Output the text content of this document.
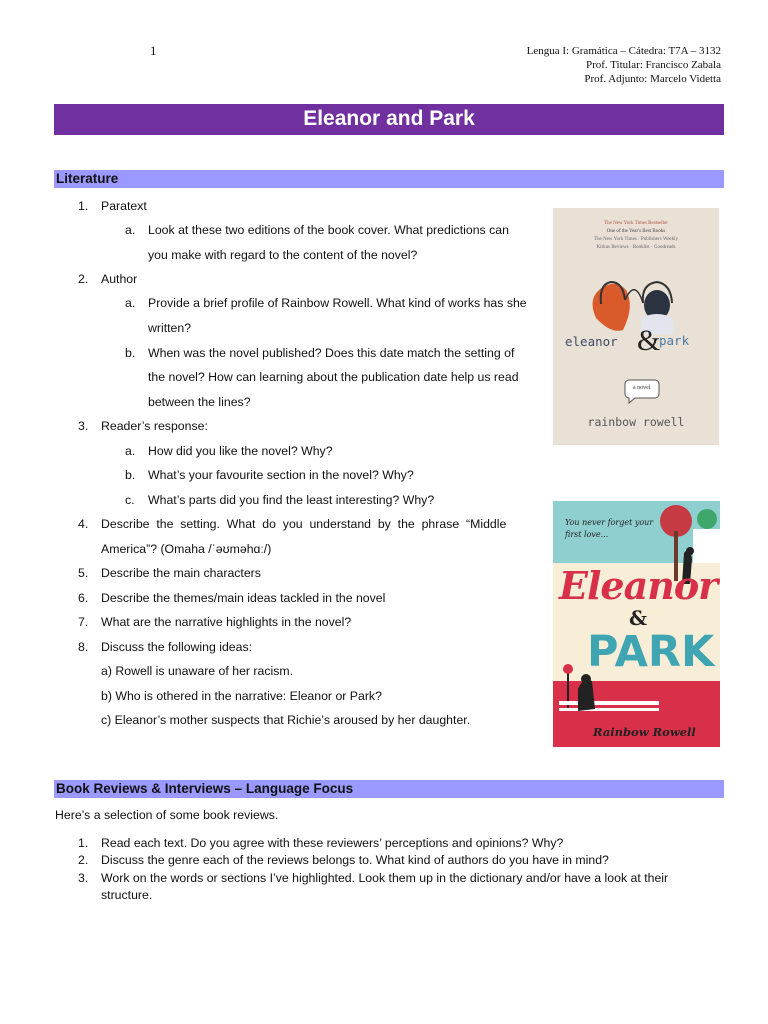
1	Lengua I: Gramática – Cátedra: T7A – 3132
Prof. Titular: Francisco Zabala
Prof. Adjunto: Marcelo Videtta
Eleanor and Park
Literature
1. Paratext
a. Look at these two editions of the book cover. What predictions can
you make with regard to the content of the novel?
2. Author
a. Provide a brief profile of Rainbow Rowell. What kind of works has she
written?
b. When was the novel published? Does this date match the setting of
the novel? How can learning about the publication date help us read
between the lines?
3. Reader’s response:
a. How did you like the novel? Why?
b. What’s your favourite section in the novel? Why?
c. What’s parts did you find the least interesting? Why?
4. Describe  the  setting.  What  do  you  understand  by  the  phrase  “Middle
America”? (Omaha /ˈəʊməhɑː/)
5. Describe the main characters
6. Describe the themes/main ideas tackled in the novel
7. What are the narrative highlights in the novel?
8. Discuss the following ideas:
a) Rowell is unaware of her racism.
b) Who is othered in the narrative: Eleanor or Park?
c) Eleanor’s mother suspects that Richie’s aroused by her daughter.
The New York Times Bestseller
One of the Year's Best Books
The New York Times · Publishers Weekly
Kirkus Reviews · Booklist · Goodreads
eleanor &
park
a novel
rainbow rowell
You never forget your first love...
Eleanor
&
PARK
Rainbow Rowell
Book Reviews & Interviews – Language Focus
Here’s a selection of some book reviews.
1. Read each text. Do you agree with these reviewers’ perceptions and opinions? Why?
2. Discuss the genre each of the reviews belongs to. What kind of authors do you have in mind?
3. Work on the words or sections I’ve highlighted. Look them up in the dictionary and/or have a look at their
structure.
